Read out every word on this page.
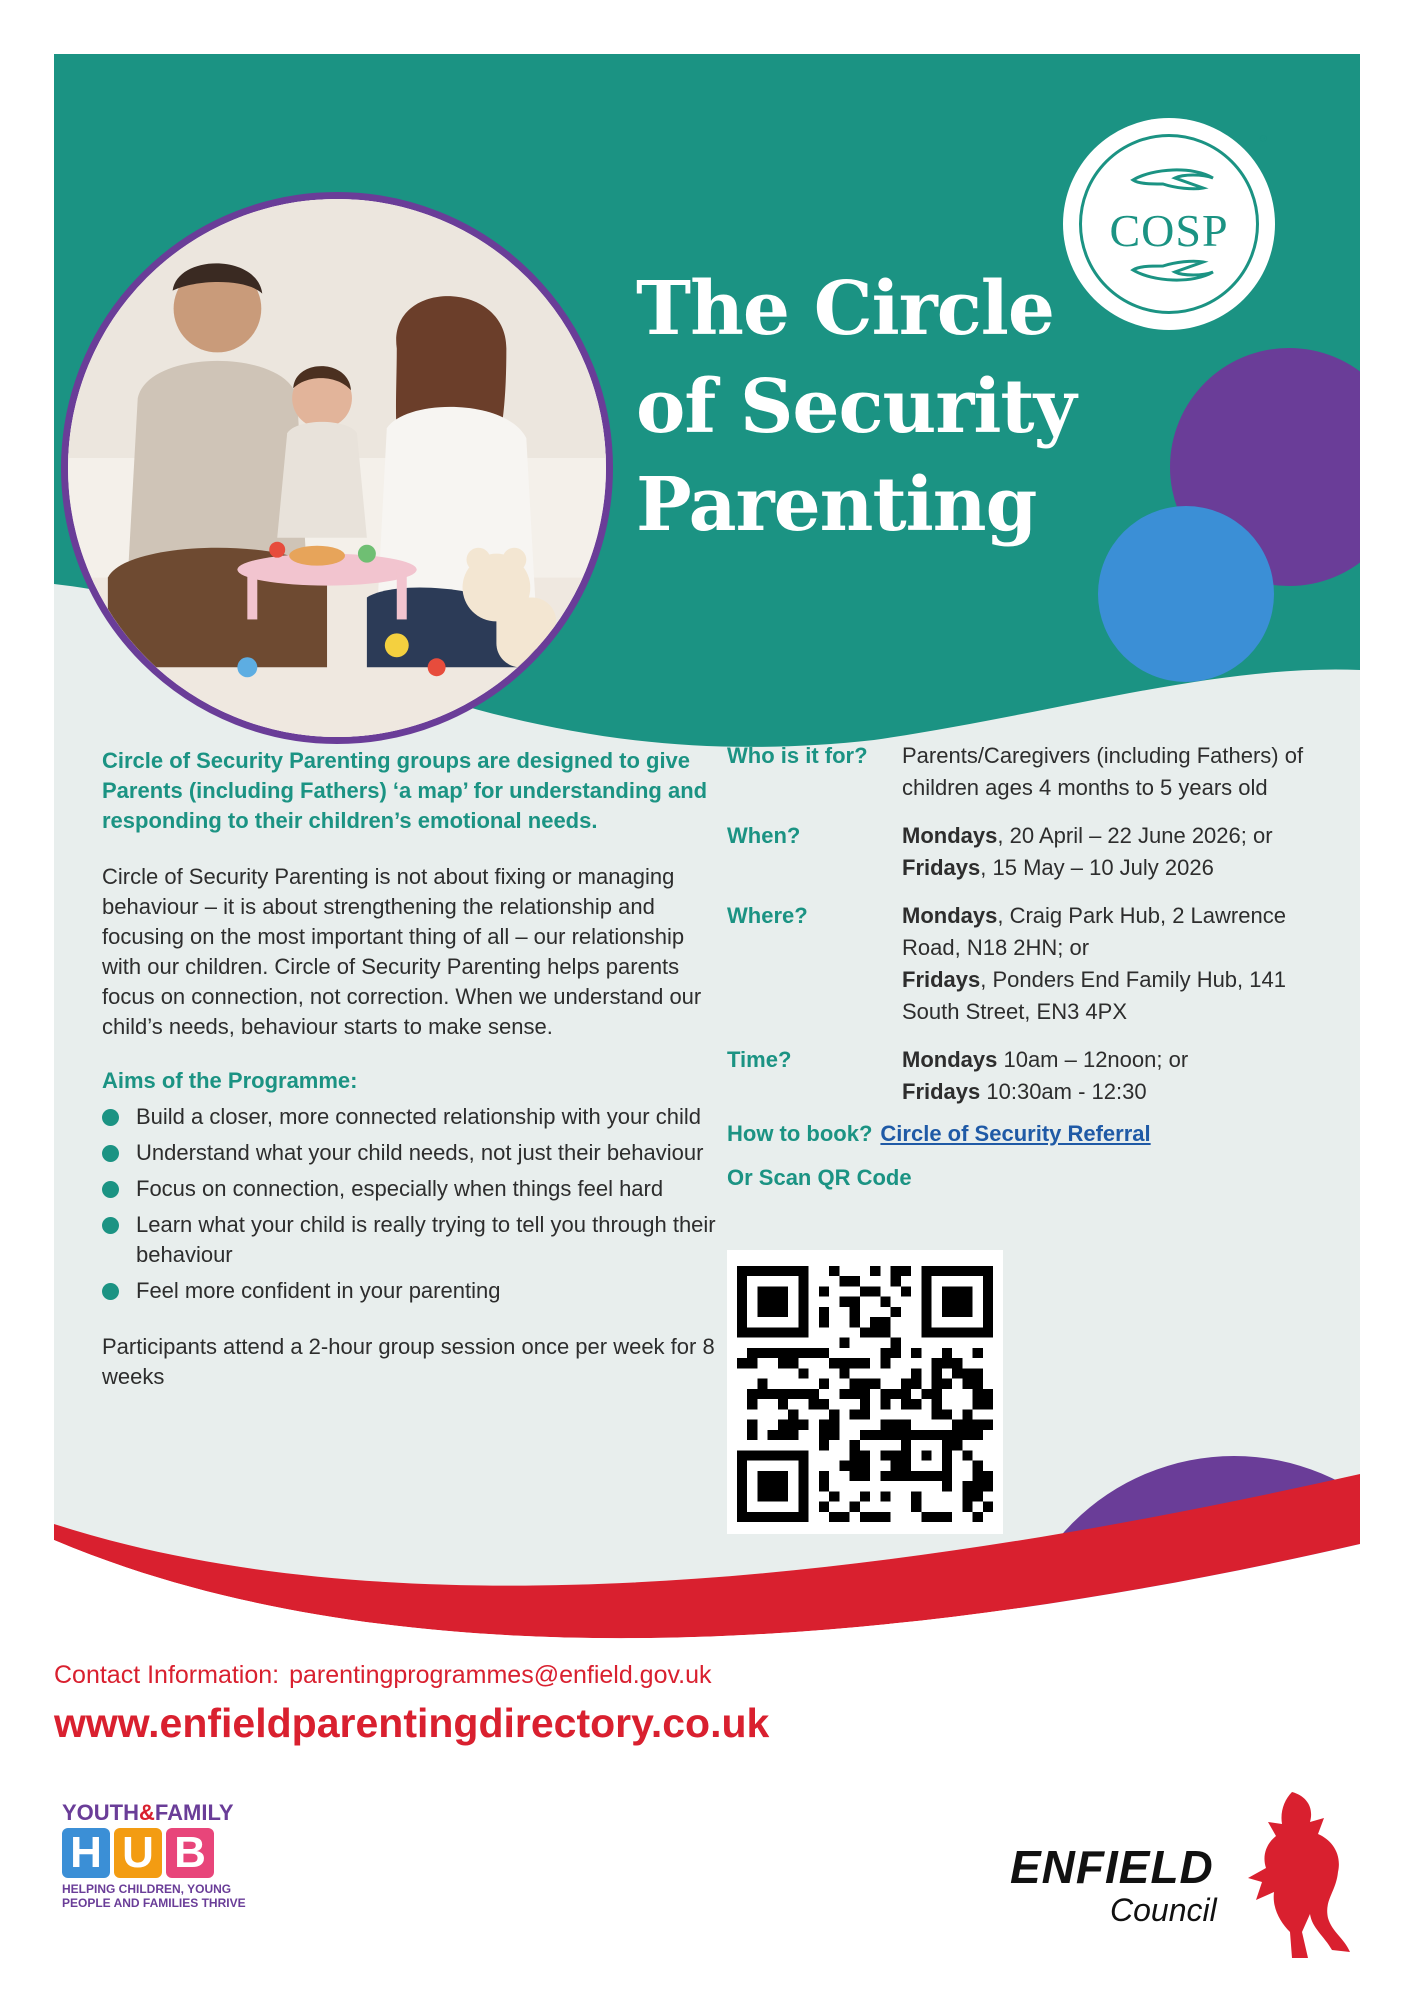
®
COSP
The Circle
of Security
Parenting

Circle of Security Parenting groups are designed to give Parents (including Fathers) ‘a map’ for understanding and responding to their children’s emotional needs.

Circle of Security Parenting is not about fixing or managing behaviour – it is about strengthening the relationship and focusing on the most important thing of all – our relationship with our children. Circle of Security Parenting helps parents focus on connection, not correction. When we understand our child’s needs, behaviour starts to make sense.

Aims of the Programme:

Build a closer, more connected relationship with your child
Understand what your child needs, not just their behaviour
Focus on connection, especially when things feel hard
Learn what your child is really trying to tell you through their behaviour
Feel more confident in your parenting

Participants attend a 2-hour group session once per week for 8 weeks

Who is it for? Parents/Caregivers (including Fathers) of children ages 4 months to 5 years old
When?	Mondays, 20 April – 22 June 2026; or
Fridays, 15 May – 10 July 2026
Where?	Mondays, Craig Park Hub, 2 Lawrence Road, N18 2HN; or
Fridays, Ponders End Family Hub, 141 South Street, EN3 4PX
Time?	Mondays 10am – 12noon; or
Fridays 10:30am - 12:30
How to book? Circle of Security Referral
Or Scan QR Code

Contact Information: parentingprogrammes@enfield.gov.uk

www.enfieldparentingdirectory.co.uk

YOUTH&FAMILY
H U B
HELPING CHILDREN, YOUNG
PEOPLE AND FAMILIES THRIVE
ENFIELD
Council
